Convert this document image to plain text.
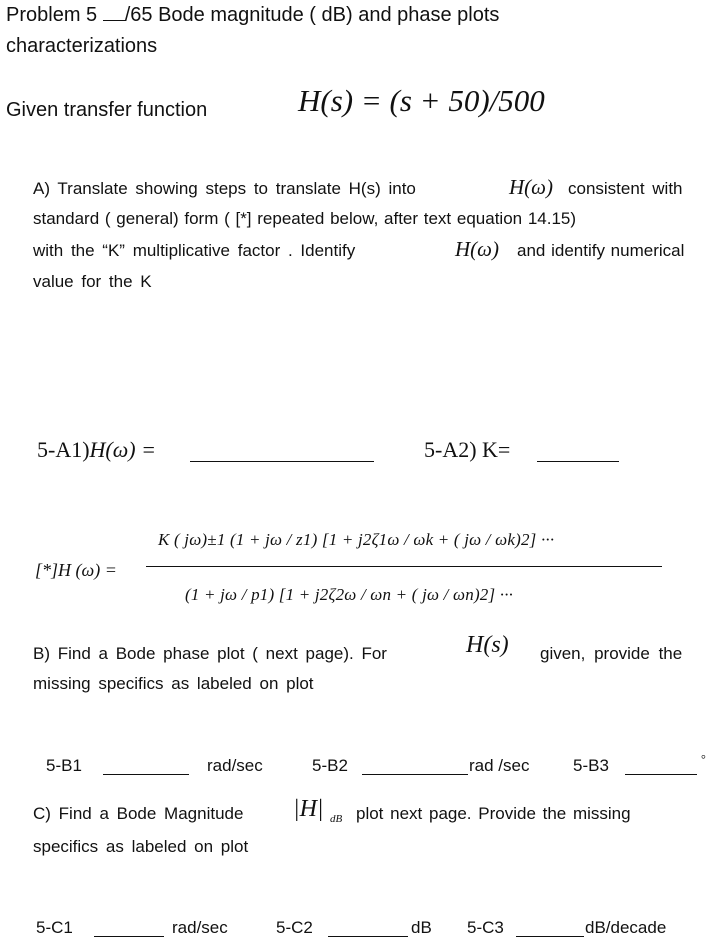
Problem 5 /65 Bode magnitude ( dB) and phase plots
characterizations
Given transfer function	H(s) = (s + 50)/500
A) Translate showing steps to translate H(s) into	H(ω) consistent with
standard ( general) form ( [*] repeated below, after text equation 14.15)
with the “K” multiplicative factor . Identify	H(ω) and identify numerical
value for the K
5-A1)H(ω) =	5-A2) K=
[*]H (ω) =
K ( jω)±1 (1 + jω / z1) [1 + j2ζ1ω / ωk + ( jω / ωk)2] ···
(1 + jω / p1) [1 + j2ζ2ω / ωn + ( jω / ωn)2] ···
B) Find a Bode phase plot ( next page). For	H(s) given, provide the
missing specifics as labeled on plot
5-B1	rad/sec	5-B2	rad /sec	5-B3	°
C) Find a Bode Magnitude |H| dB plot next page. Provide the missing
specifics as labeled on plot
5-C1	rad/sec	5-C2	dB 5-C3	dB/decade
